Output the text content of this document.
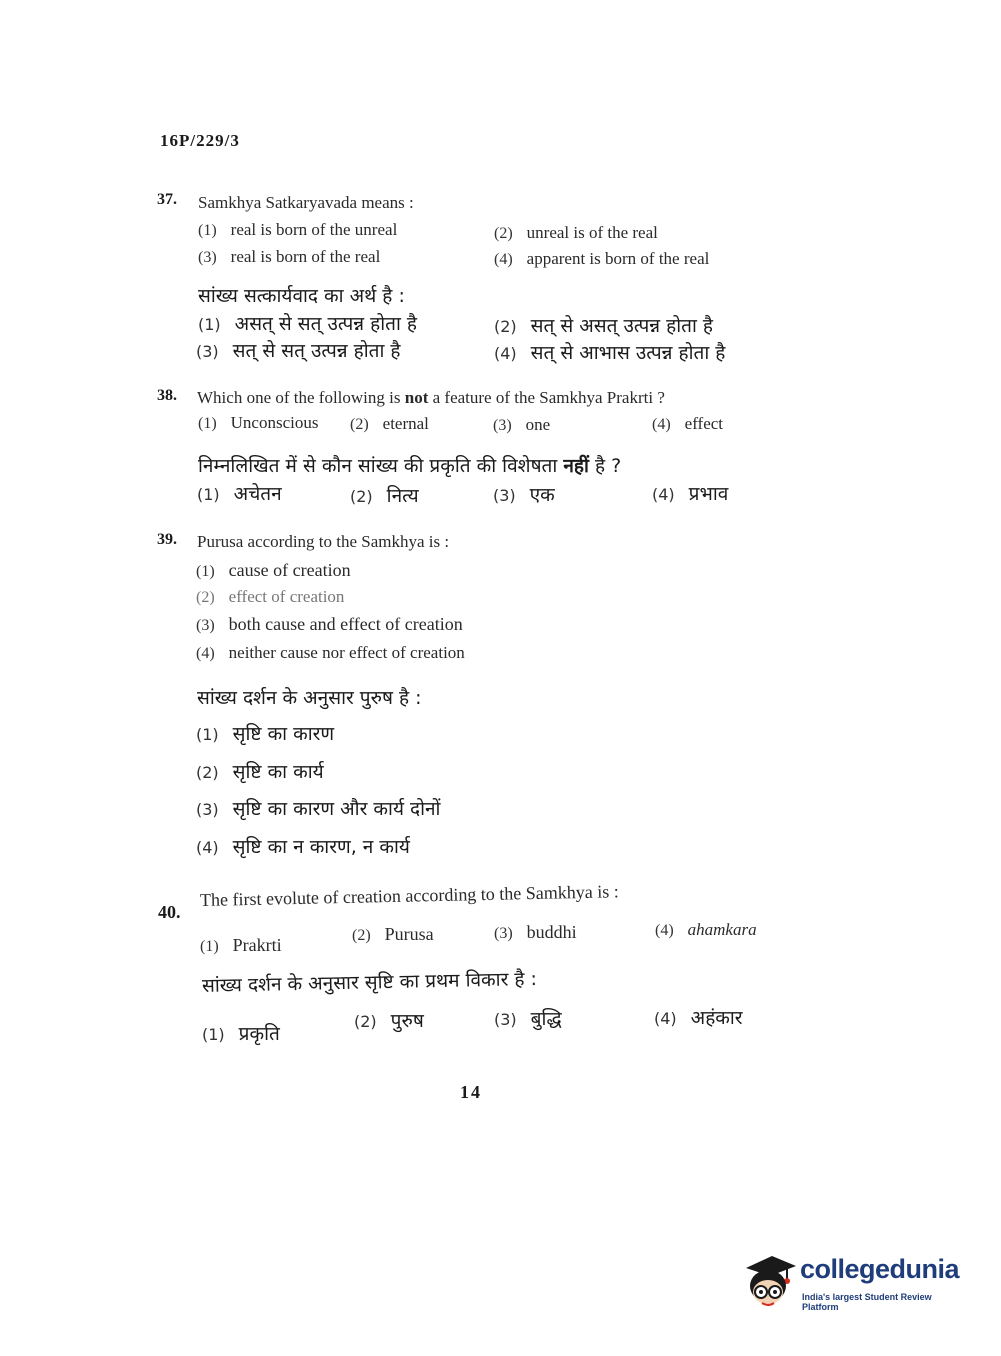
16P/229/3
37. Samkhya Satkaryavada means :
(1) real is born of the unreal	(2) unreal is of the real
(3) real is born of the real	(4) apparent is born of the real
सांख्य सत्कार्यवाद का अर्थ है :
(1) असत् से सत् उत्पन्न होता है	(2) सत् से असत् उत्पन्न होता है
(3) सत् से सत् उत्पन्न होता है	(4) सत् से आभास उत्पन्न होता है
38. Which one of the following is not a feature of the Samkhya Prakrti ?
(1) Unconscious (2) eternal	(3) one	(4) effect
निम्नलिखित में से कौन सांख्य की प्रकृति की विशेषता नहीं है ?
(1) अचेतन	(2) नित्य	(3) एक	(4) प्रभाव
39. Purusa according to the Samkhya is :
(1) cause of creation
(2) effect of creation
(3) both cause and effect of creation
(4) neither cause nor effect of creation
सांख्य दर्शन के अनुसार पुरुष है :
(1) सृष्टि का कारण
(2) सृष्टि का कार्य
(3) सृष्टि का कारण और कार्य दोनों
(4) सृष्टि का न कारण, न कार्य
40.
The first evolute of creation according to the Samkhya is :
(1) Prakrti	(2) Purusa	(3) buddhi	(4) ahamkara
सांख्य दर्शन के अनुसार सृष्टि का प्रथम विकार है :
(1) प्रकृति
(2) पुरुष	(3) बुद्धि	(4) अहंकार
14
collegedunia
India's largest Student Review Platform
